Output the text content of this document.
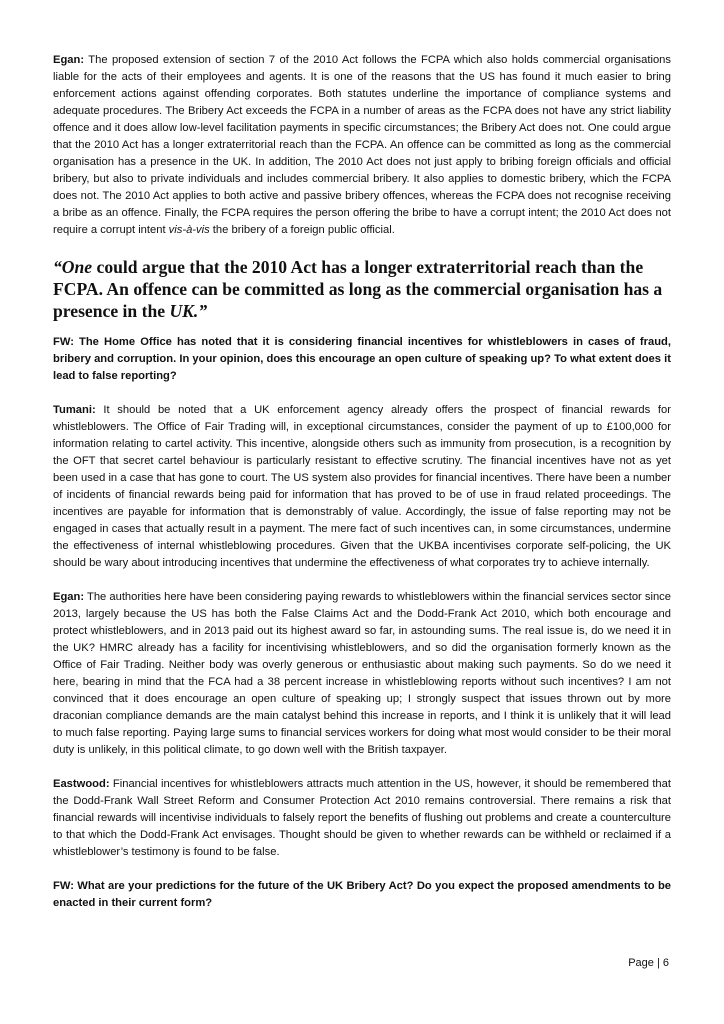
Egan: The proposed extension of section 7 of the 2010 Act follows the FCPA which also holds commercial organisations liable for the acts of their employees and agents. It is one of the reasons that the US has found it much easier to bring enforcement actions against offending corporates. Both statutes underline the importance of compliance systems and adequate procedures. The Bribery Act exceeds the FCPA in a number of areas as the FCPA does not have any strict liability offence and it does allow low-level facilitation payments in specific circumstances; the Bribery Act does not. One could argue that the 2010 Act has a longer extraterritorial reach than the FCPA. An offence can be committed as long as the commercial organisation has a presence in the UK. In addition, The 2010 Act does not just apply to bribing foreign officials and official bribery, but also to private individuals and includes commercial bribery. It also applies to domestic bribery, which the FCPA does not. The 2010 Act applies to both active and passive bribery offences, whereas the FCPA does not recognise receiving a bribe as an offence. Finally, the FCPA requires the person offering the bribe to have a corrupt intent; the 2010 Act does not require a corrupt intent vis-à-vis the bribery of a foreign public official.

“One could argue that the 2010 Act has a longer extraterritorial reach than the FCPA. An offence can be committed as long as the commercial organisation has a presence in the UK.”

FW: The Home Office has noted that it is considering financial incentives for whistleblowers in cases of fraud, bribery and corruption. In your opinion, does this encourage an open culture of speaking up? To what extent does it lead to false reporting?

Tumani: It should be noted that a UK enforcement agency already offers the prospect of financial rewards for whistleblowers. The Office of Fair Trading will, in exceptional circumstances, consider the payment of up to £100,000 for information relating to cartel activity. This incentive, alongside others such as immunity from prosecution, is a recognition by the OFT that secret cartel behaviour is particularly resistant to effective scrutiny. The financial incentives have not as yet been used in a case that has gone to court. The US system also provides for financial incentives. There have been a number of incidents of financial rewards being paid for information that has proved to be of use in fraud related proceedings. The incentives are payable for information that is demonstrably of value. Accordingly, the issue of false reporting may not be engaged in cases that actually result in a payment. The mere fact of such incentives can, in some circumstances, undermine the effectiveness of internal whistleblowing procedures. Given that the UKBA incentivises corporate self-policing, the UK should be wary about introducing incentives that undermine the effectiveness of what corporates try to achieve internally.

Egan: The authorities here have been considering paying rewards to whistleblowers within the financial services sector since 2013, largely because the US has both the False Claims Act and the Dodd-Frank Act 2010, which both encourage and protect whistleblowers, and in 2013 paid out its highest award so far, in astounding sums. The real issue is, do we need it in the UK? HMRC already has a facility for incentivising whistleblowers, and so did the organisation formerly known as the Office of Fair Trading. Neither body was overly generous or enthusiastic about making such payments. So do we need it here, bearing in mind that the FCA had a 38 percent increase in whistleblowing reports without such incentives? I am not convinced that it does encourage an open culture of speaking up; I strongly suspect that issues thrown out by more draconian compliance demands are the main catalyst behind this increase in reports, and I think it is unlikely that it will lead to much false reporting. Paying large sums to financial services workers for doing what most would consider to be their moral duty is unlikely, in this political climate, to go down well with the British taxpayer.

Eastwood: Financial incentives for whistleblowers attracts much attention in the US, however, it should be remembered that the Dodd-Frank Wall Street Reform and Consumer Protection Act 2010 remains controversial. There remains a risk that financial rewards will incentivise individuals to falsely report the benefits of flushing out problems and create a counterculture to that which the Dodd-Frank Act envisages. Thought should be given to whether rewards can be withheld or reclaimed if a whistleblower’s testimony is found to be false.

FW: What are your predictions for the future of the UK Bribery Act? Do you expect the proposed amendments to be enacted in their current form?

Page | 6
